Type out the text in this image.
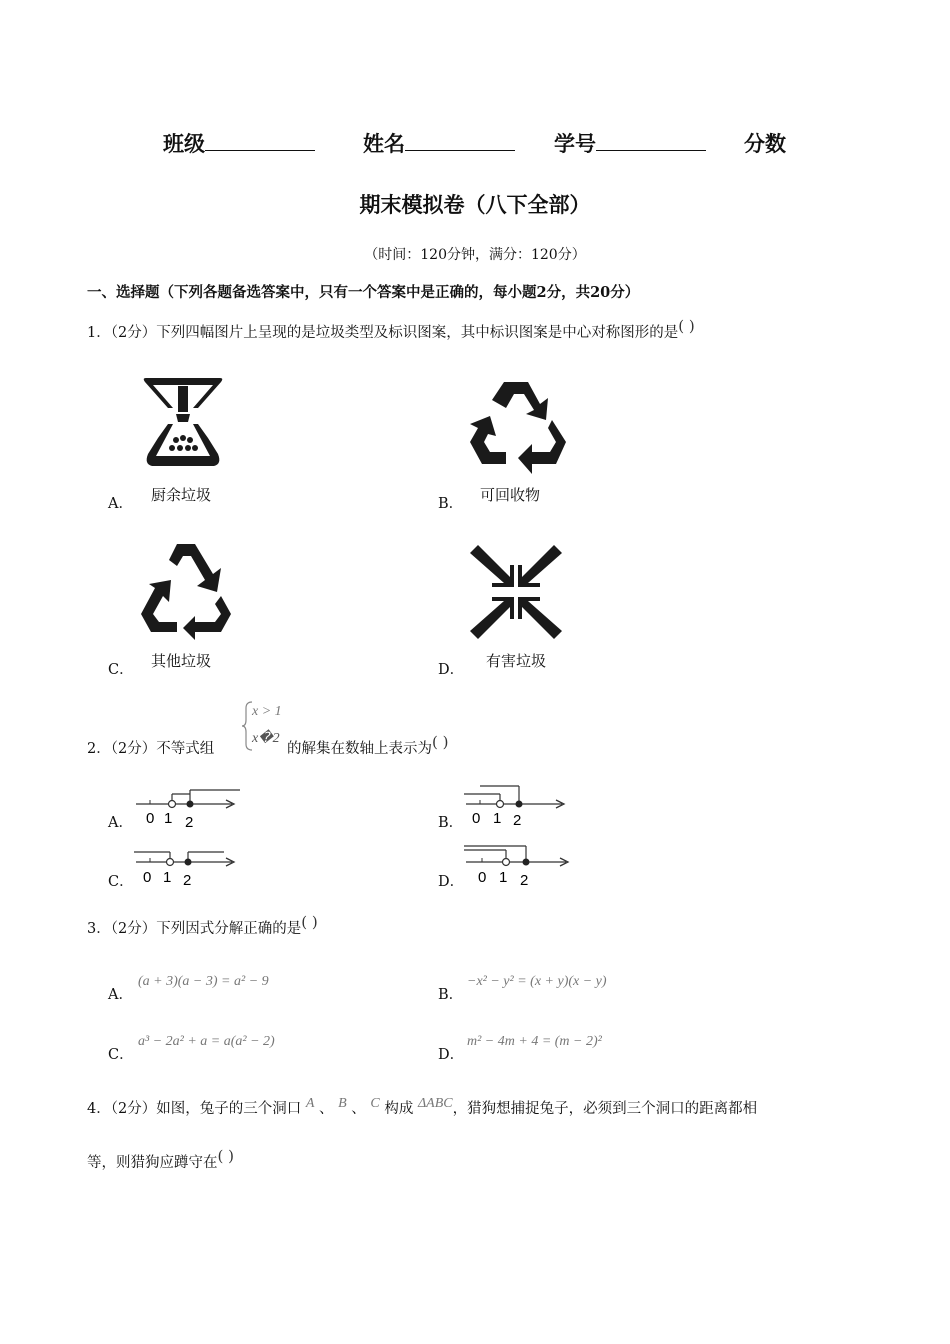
班级	姓名	学号	分数
期末模拟卷（八下全部）
（时间：120分钟，满分：120分）
一、选择题（下列各题备选答案中，只有一个答案中是正确的，每小题2分，共20分）
1．（2分）下列四幅图片上呈现的是垃圾类型及标识图案，其中标识图案是中心对称图形的是( )
A． 厨余垃圾	B． 可回收物
C． 其他垃圾	D． 有害垃圾
2．（2分）不等式组
x > 1
x�2
的解集在数轴上表示为( )
A． 0 1 2	B． 0 1 2
C． 0 1 2	D． 0 1 2
3．（2分）下列因式分解正确的是( )
A．
(a + 3)(a − 3) = a² − 9
B．
−x² − y² = (x + y)(x − y)
C．
a³ − 2a² + a = a(a² − 2)
D．
m² − 4m + 4 = (m − 2)²
4．（2分）如图，兔子的三个洞口 A 、 B 、 C 构成 ΔABC，猎狗想捕捉兔子，必须到三个洞口的距离都相
等，则猎狗应蹲守在( )
